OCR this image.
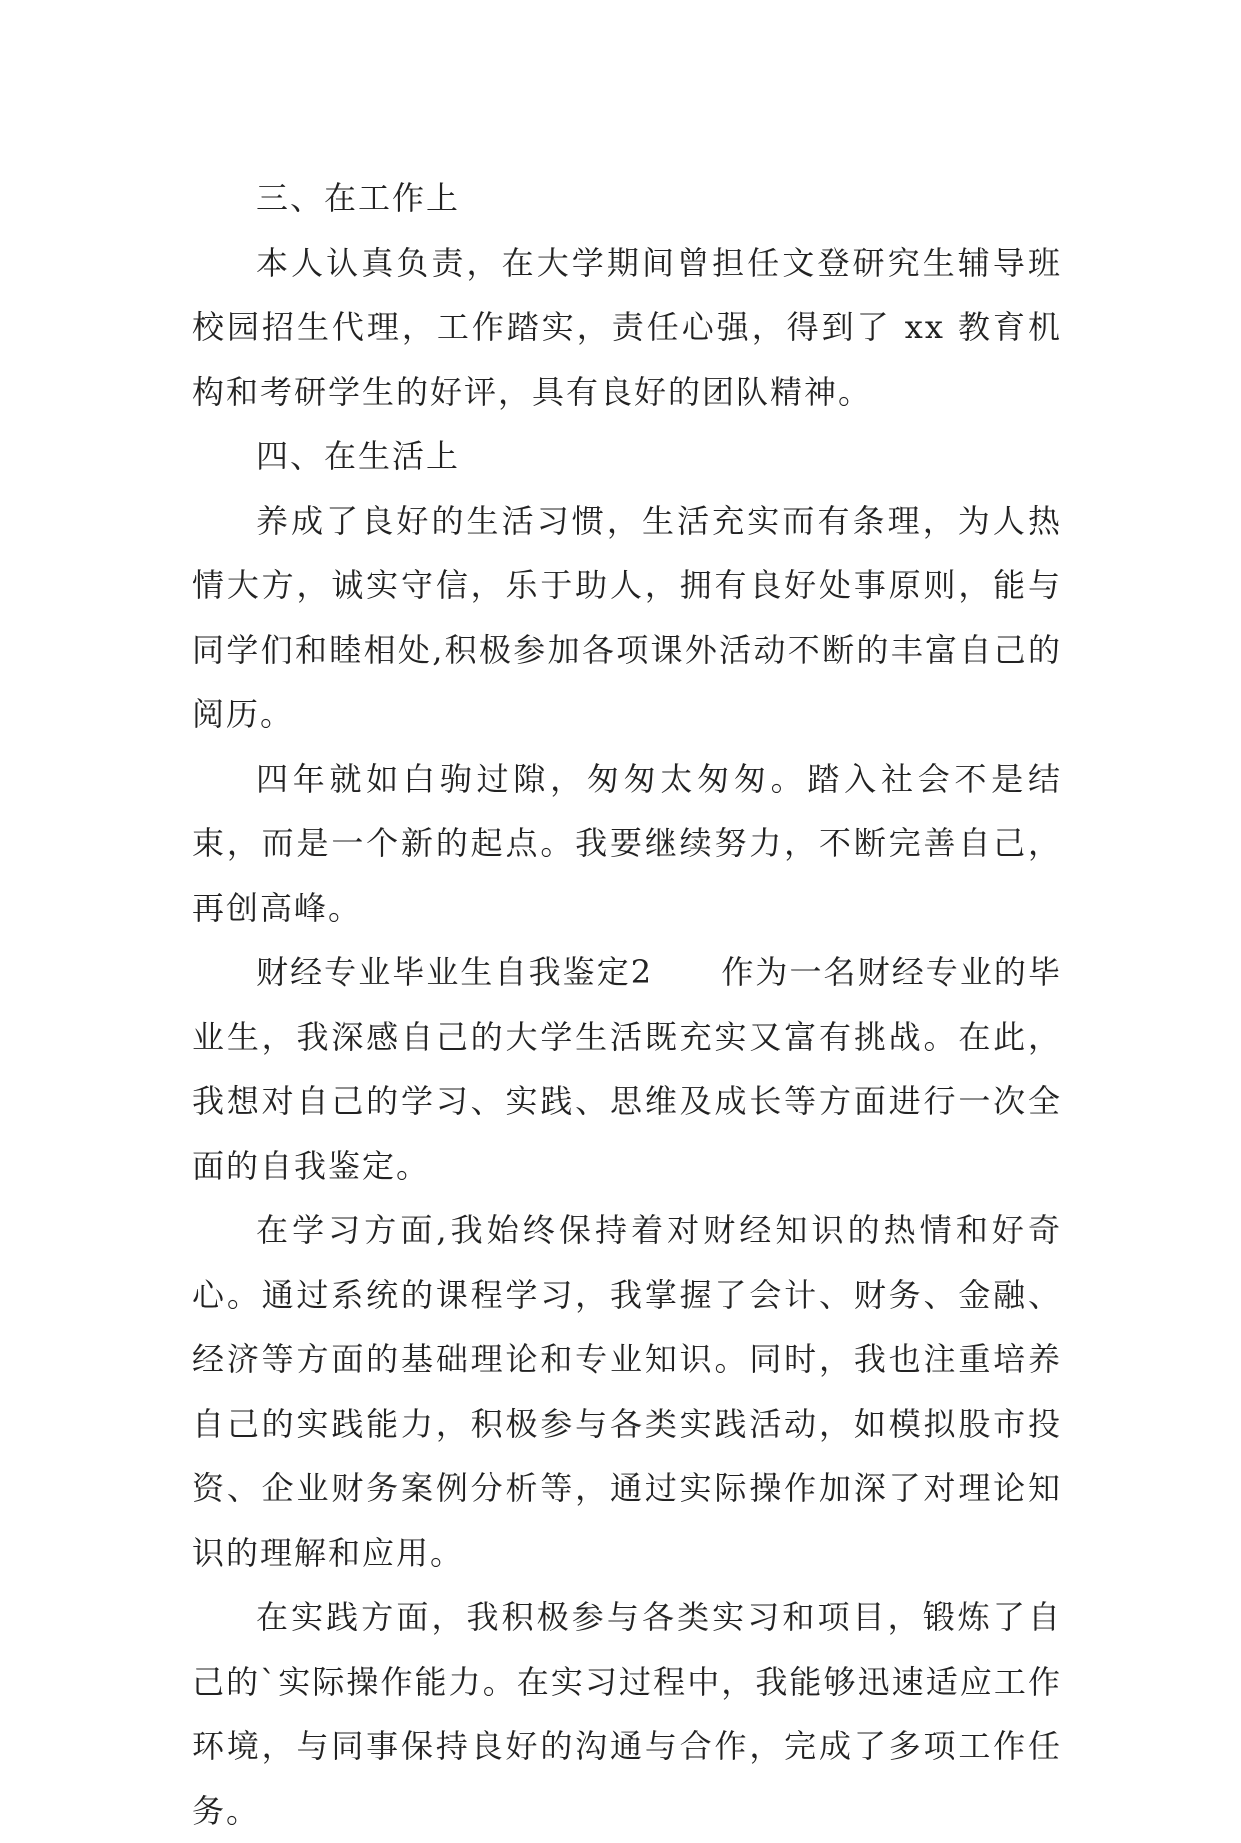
三、在工作上

本人认真负责，在大学期间曾担任文登研究生辅导班校园招生代理，工作踏实，责任心强，得到了 xx 教育机构和考研学生的好评，具有良好的团队精神。

四、在生活上

养成了良好的生活习惯，生活充实而有条理，为人热情大方，诚实守信，乐于助人，拥有良好处事原则，能与同学们和睦相处,积极参加各项课外活动不断的丰富自己的阅历。

四年就如白驹过隙，匆匆太匆匆。踏入社会不是结束，而是一个新的起点。我要继续努力，不断完善自己，再创高峰。

财经专业毕业生自我鉴定2　　作为一名财经专业的毕业生，我深感自己的大学生活既充实又富有挑战。在此，我想对自己的学习、实践、思维及成长等方面进行一次全面的自我鉴定。

在学习方面,我始终保持着对财经知识的热情和好奇心。通过系统的课程学习，我掌握了会计、财务、金融、经济等方面的基础理论和专业知识。同时，我也注重培养自己的实践能力，积极参与各类实践活动，如模拟股市投资、企业财务案例分析等，通过实际操作加深了对理论知识的理解和应用。

在实践方面，我积极参与各类实习和项目，锻炼了自己的`实际操作能力。在实习过程中，我能够迅速适应工作环境，与同事保持良好的沟通与合作，完成了多项工作任务。
